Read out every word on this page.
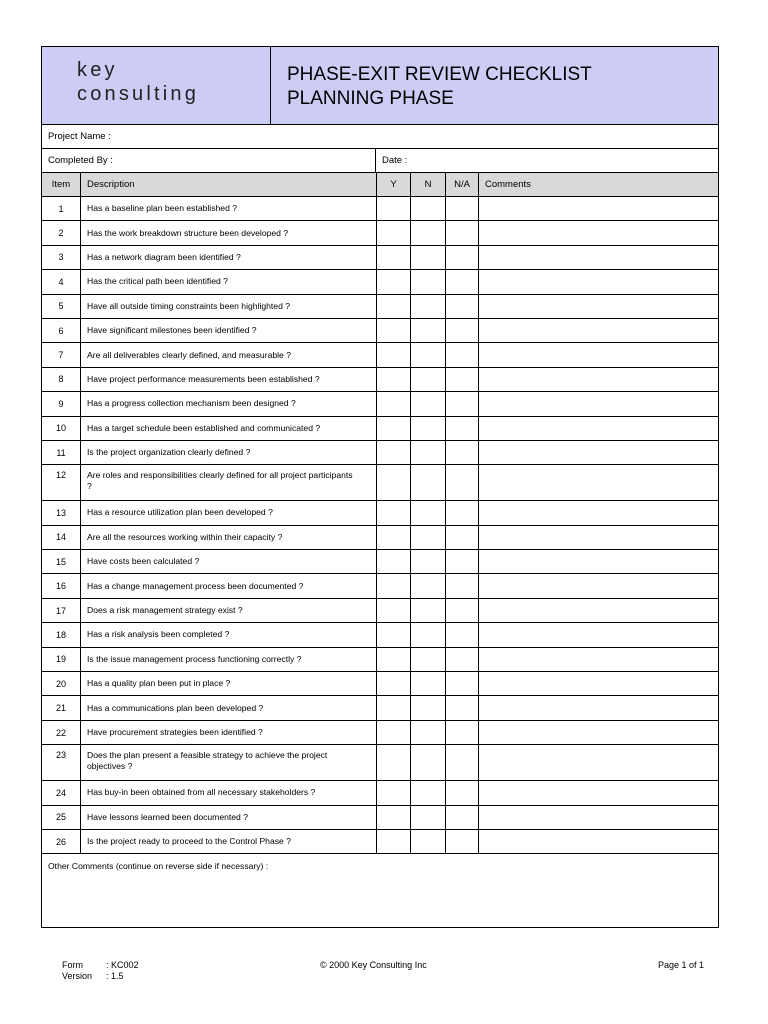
key
consulting
PHASE-EXIT REVIEW CHECKLIST
PLANNING PHASE
Project Name :
Completed By :	Date :
Item	Description	Y	N	N/A	Comments
1	Has a baseline plan been established ?
2	Has the work breakdown structure been developed ?
3	Has a network diagram been identified ?
4	Has the critical path been identified ?
5	Have all outside timing constraints been highlighted ?
6	Have significant milestones been identified ?
7	Are all deliverables clearly defined, and measurable ?
8	Have project performance measurements been established ?
9	Has a progress collection mechanism been designed ?
10	Has a target schedule been established and communicated ?
11	Is the project organization clearly defined ?
12	Are roles and responsibilities clearly defined for all project participants ?
13	Has a resource utilization plan been developed ?
14	Are all the resources working within their capacity ?
15	Have costs been calculated ?
16	Has a change management process been documented ?
17	Does a risk management strategy exist ?
18	Has a risk analysis been completed ?
19	Is the issue management process functioning correctly ?
20	Has a quality plan been put in place ?
21	Has a communications plan been developed ?
22	Have procurement strategies been identified ?
23	Does the plan present a feasible strategy to achieve the project objectives ?
24	Has buy-in been obtained from all necessary stakeholders ?
25	Have lessons learned been documented ?
26	Is the project ready to proceed to the Control Phase ?
Other Comments (continue on reverse side if necessary) :
Form	: KC002
Version : 1.5
© 2000 Key Consulting Inc	Page 1 of 1
